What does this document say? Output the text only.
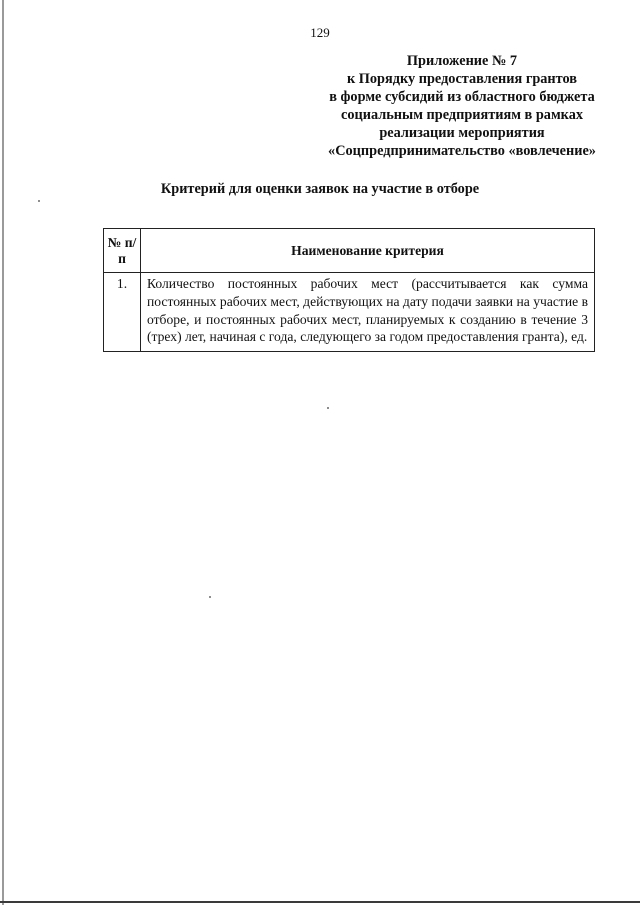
129
Приложение № 7
к Порядку предоставления грантов
в форме субсидий из областного бюджета
социальным предприятиям в рамках
реализации мероприятия
«Соцпредпринимательство «вовлечение»
Критерий для оценки заявок на участие в отборе
№ п/п	Наименование критерия
1.	Количество постоянных рабочих мест (рассчитывается как сумма постоянных рабочих мест, действующих на дату подачи заявки на участие в отборе, и постоянных рабочих мест, планируемых к созданию в течение 3 (трех) лет, начиная с года, следующего за годом предоставления гранта), ед.
